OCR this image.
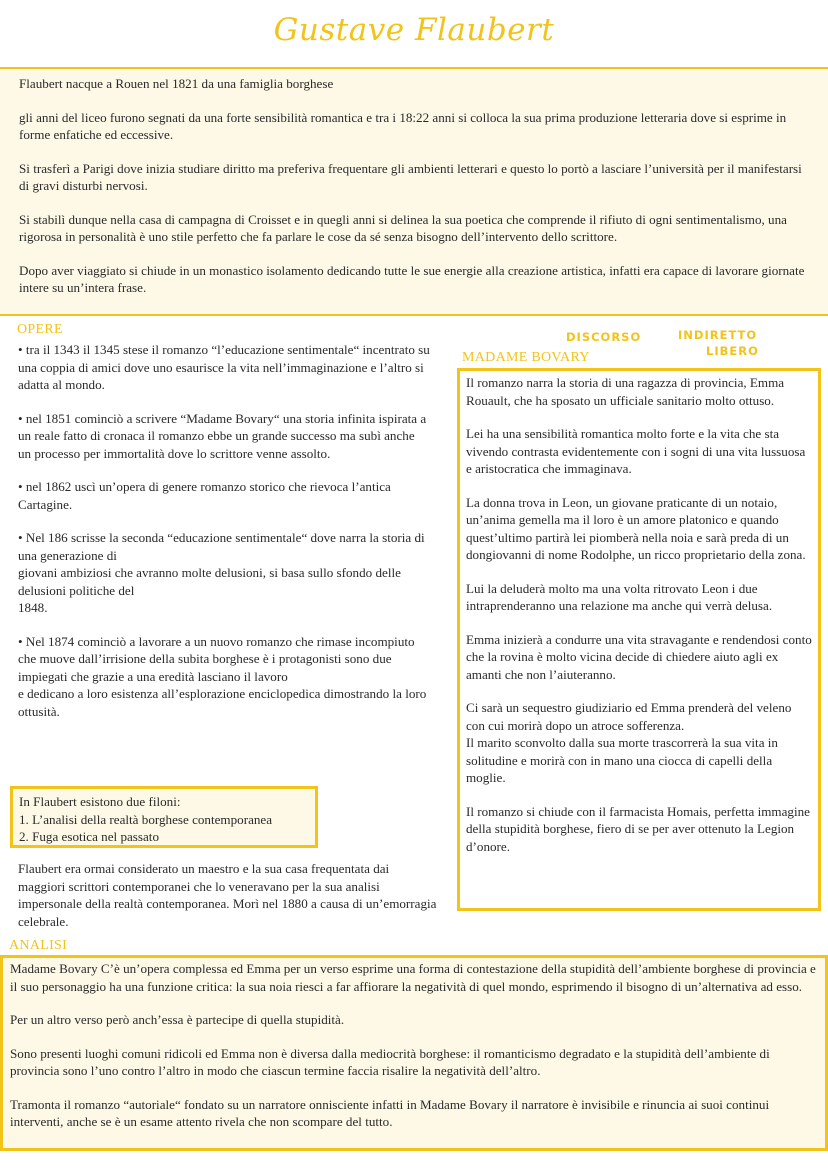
Gustave Flaubert

Flaubert nacque a Rouen nel 1821 da una famiglia borghese

gli anni del liceo furono segnati da una forte sensibilità romantica e tra i 18:22 anni si colloca la sua prima produzione letteraria dove si esprime in forme enfatiche ed eccessive.

Si trasferì a Parigi dove inizia studiare diritto ma preferiva frequentare gli ambienti letterari e questo lo portò a lasciare l’università per il manifestarsi di gravi disturbi nervosi.

Si stabilì dunque nella casa di campagna di Croisset e in quegli anni si delinea la sua poetica che comprende il rifiuto di ogni sentimentalismo, una rigorosa in personalità è uno stile perfetto che fa parlare le cose da sé senza bisogno dell’intervento dello scrittore.

Dopo aver viaggiato si chiude in un monastico isolamento dedicando tutte le sue energie alla creazione artistica, infatti era capace di lavorare giornate intere su un’intera frase.

OPERE

• tra il 1343 il 1345 stese il romanzo “l’educazione sentimentale“ incentrato su una coppia di amici dove uno esaurisce la vita nell’immaginazione e l’altro si adatta al mondo.

• nel 1851 cominciò a scrivere “Madame Bovary“ una storia infinita ispirata a un reale fatto di cronaca il romanzo ebbe un grande successo ma subì anche un processo per immortalità dove lo scrittore venne assolto.

• nel 1862 uscì un’opera di genere romanzo storico che rievoca l’antica Cartagine.

• Nel 186 scrisse la seconda “educazione sentimentale“ dove narra la storia di una generazione di
giovani ambiziosi che avranno molte delusioni, si basa sullo sfondo delle delusioni politiche del
1848.

• Nel 1874 cominciò a lavorare a un nuovo romanzo che rimase incompiuto che muove dall’irrisione della subita borghese è i protagonisti sono due impiegati che grazie a una eredità lasciano il lavoro
e dedicano a loro esistenza all’esplorazione enciclopedica dimostrando la loro ottusità.

In Flaubert esistono due filoni:
1. L’analisi della realtà borghese contemporanea
2. Fuga esotica nel passato
Flaubert era ormai considerato un maestro e la sua casa frequentata dai maggiori scrittori contemporanei che lo veneravano per la sua analisi impersonale della realtà contemporanea. Morì nel 1880 a causa di un’emorragia celebrale.
DISCORSO	INDIRETTO
LIBERO
MADAME BOVARY

Il romanzo narra la storia di una ragazza di provincia, Emma Rouault, che ha sposato un ufficiale sanitario molto ottuso.

Lei ha una sensibilità romantica molto forte e la vita che sta vivendo contrasta evidentemente con i sogni di una vita lussuosa e aristocratica che immaginava.

La donna trova in Leon, un giovane praticante di un notaio, un’anima gemella ma il loro è un amore platonico e quando quest’ultimo partirà lei piomberà nella noia e sarà preda di un dongiovanni di nome Rodolphe, un ricco proprietario della zona.

Lui la deluderà molto ma una volta ritrovato Leon i due intraprenderanno una relazione ma anche qui verrà delusa.

Emma inizierà a condurre una vita stravagante e rendendosi conto che la rovina è molto vicina decide di chiedere aiuto agli ex amanti che non l’aiuteranno.

Ci sarà un sequestro giudiziario ed Emma prenderà del veleno con cui morirà dopo un atroce sofferenza.
Il marito sconvolto dalla sua morte trascorrerà la sua vita in solitudine e morirà con in mano una ciocca di capelli della moglie.

Il romanzo si chiude con il farmacista Homais, perfetta immagine della stupidità borghese, fiero di se per aver ottenuto la Legion d’onore.

ANALISI

Madame Bovary C’è un’opera complessa ed Emma per un verso esprime una forma di contestazione della stupidità dell’ambiente borghese di provincia e il suo personaggio ha una funzione critica: la sua noia riesci a far affiorare la negatività di quel mondo, esprimendo il bisogno di un’alternativa ad esso.

Per un altro verso però anch’essa è partecipe di quella stupidità.

Sono presenti luoghi comuni ridicoli ed Emma non è diversa dalla mediocrità borghese: il romanticismo degradato e la stupidità dell’ambiente di provincia sono l’uno contro l’altro in modo che ciascun termine faccia risalire la negatività dell’altro.

Tramonta il romanzo “autoriale“ fondato su un narratore onnisciente infatti in Madame Bovary il narratore è invisibile e rinuncia ai suoi continui interventi, anche se è un esame attento rivela che non scompare del tutto.
